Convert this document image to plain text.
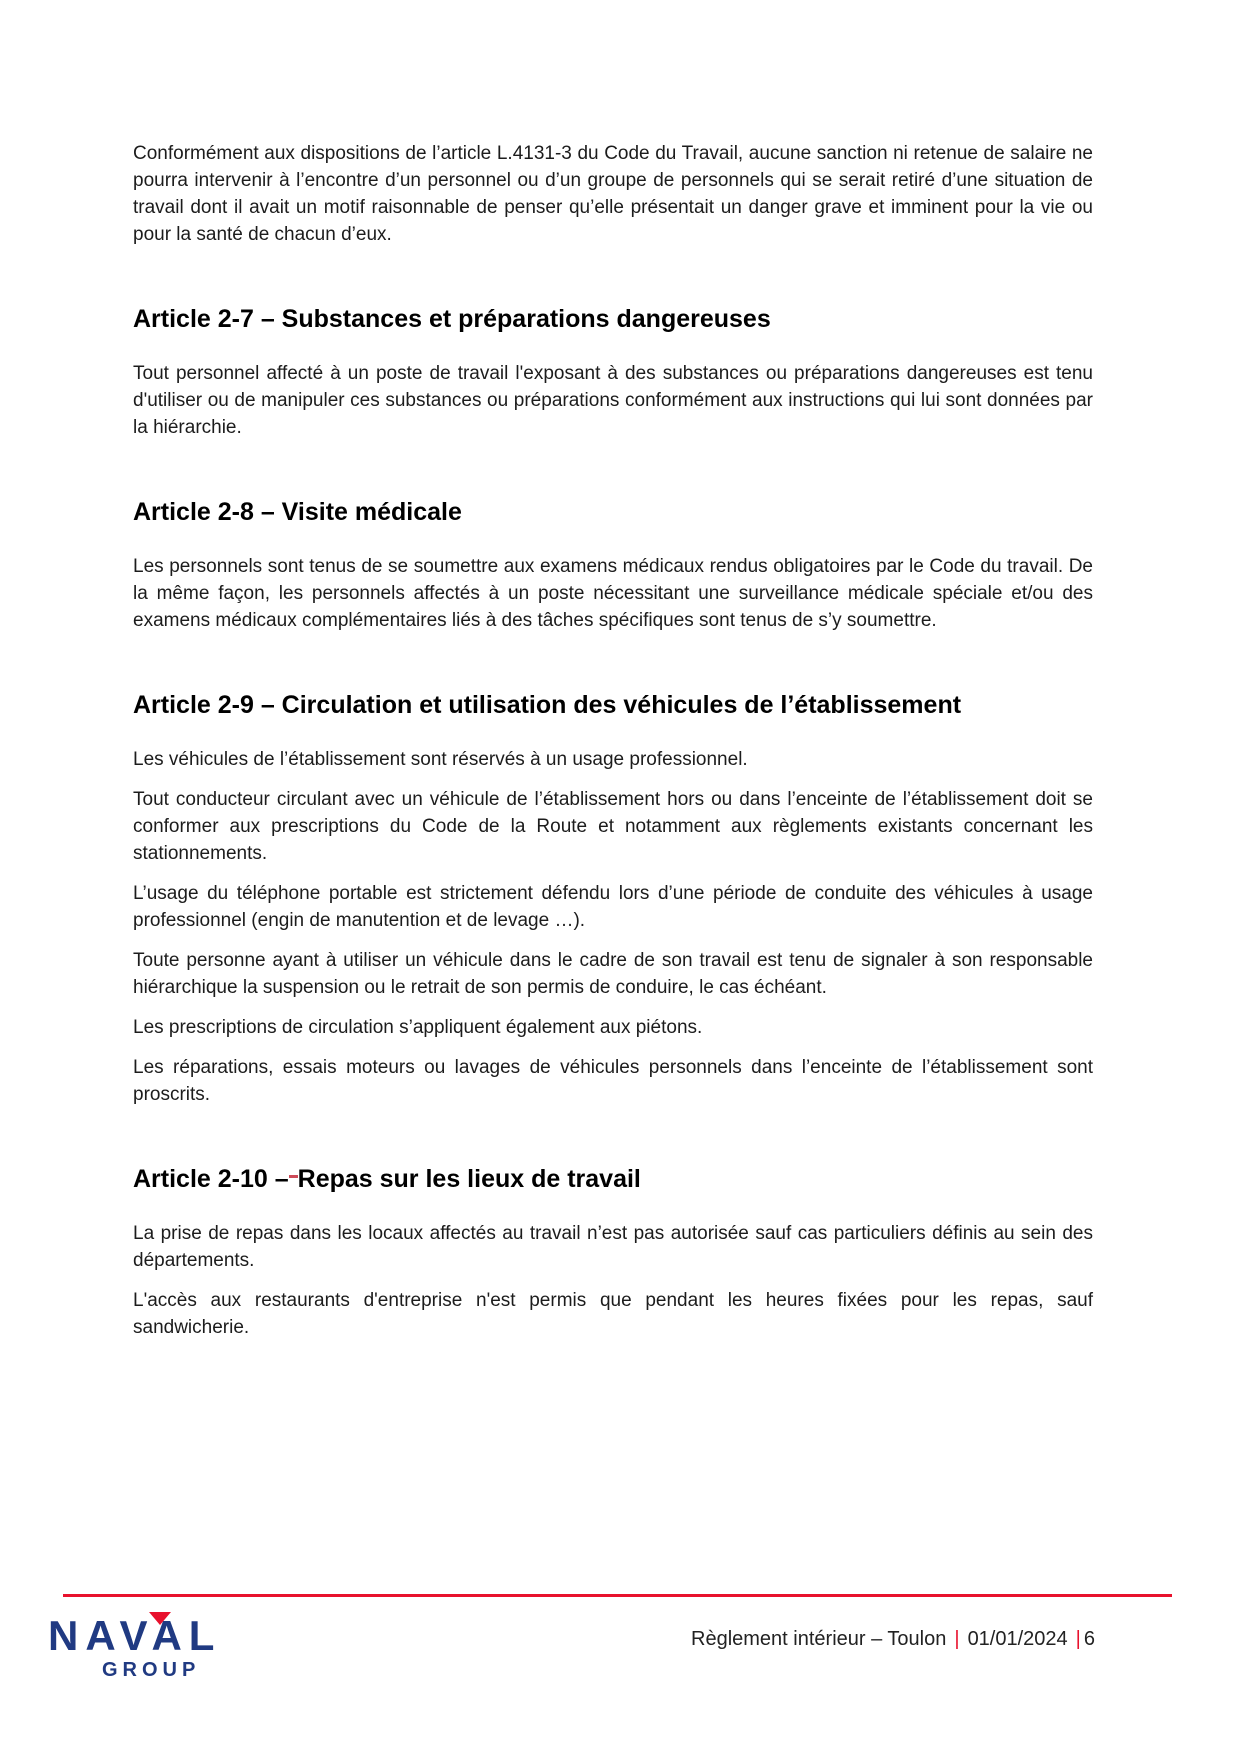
Conformément aux dispositions de l’article L.4131-3 du Code du Travail, aucune sanction ni retenue de salaire ne pourra intervenir à l’encontre d’un personnel ou d’un groupe de personnels qui se serait retiré d’une situation de travail dont il avait un motif raisonnable de penser qu’elle présentait un danger grave et imminent pour la vie ou pour la santé de chacun d’eux.

Article 2-7 – Substances et préparations dangereuses

Tout personnel affecté à un poste de travail l'exposant à des substances ou préparations dangereuses est tenu d'utiliser ou de manipuler ces substances ou préparations conformément aux instructions qui lui sont données par la hiérarchie.

Article 2-8 – Visite médicale

Les personnels sont tenus de se soumettre aux examens médicaux rendus obligatoires par le Code du travail. De la même façon, les personnels affectés à un poste nécessitant une surveillance médicale spéciale et/ou des examens médicaux complémentaires liés à des tâches spécifiques sont tenus de s’y soumettre.

Article 2-9 – Circulation et utilisation des véhicules de l’établissement

Les véhicules de l’établissement sont réservés à un usage professionnel.

Tout conducteur circulant avec un véhicule de l’établissement hors ou dans l’enceinte de l’établissement doit se conformer aux prescriptions du Code de la Route et notamment aux règlements existants concernant les stationnements.

L’usage du téléphone portable est strictement défendu lors d’une période de conduite des véhicules à usage professionnel (engin de manutention et de levage …).

Toute personne ayant à utiliser un véhicule dans le cadre de son travail est tenu de signaler à son responsable hiérarchique la suspension ou le retrait de son permis de conduire, le cas échéant.

Les prescriptions de circulation s’appliquent également aux piétons.

Les réparations, essais moteurs ou lavages de véhicules personnels dans l’enceinte de l’établissement sont proscrits.

Article 2-10 – Repas sur les lieux de travail

La prise de repas dans les locaux affectés au travail n’est pas autorisée sauf cas particuliers définis au sein des départements.

L'accès aux restaurants d'entreprise n'est permis que pendant les heures fixées pour les repas, sauf sandwicherie.

NAVAL
GROUP
Règlement intérieur – Toulon | 01/01/2024 | 6
